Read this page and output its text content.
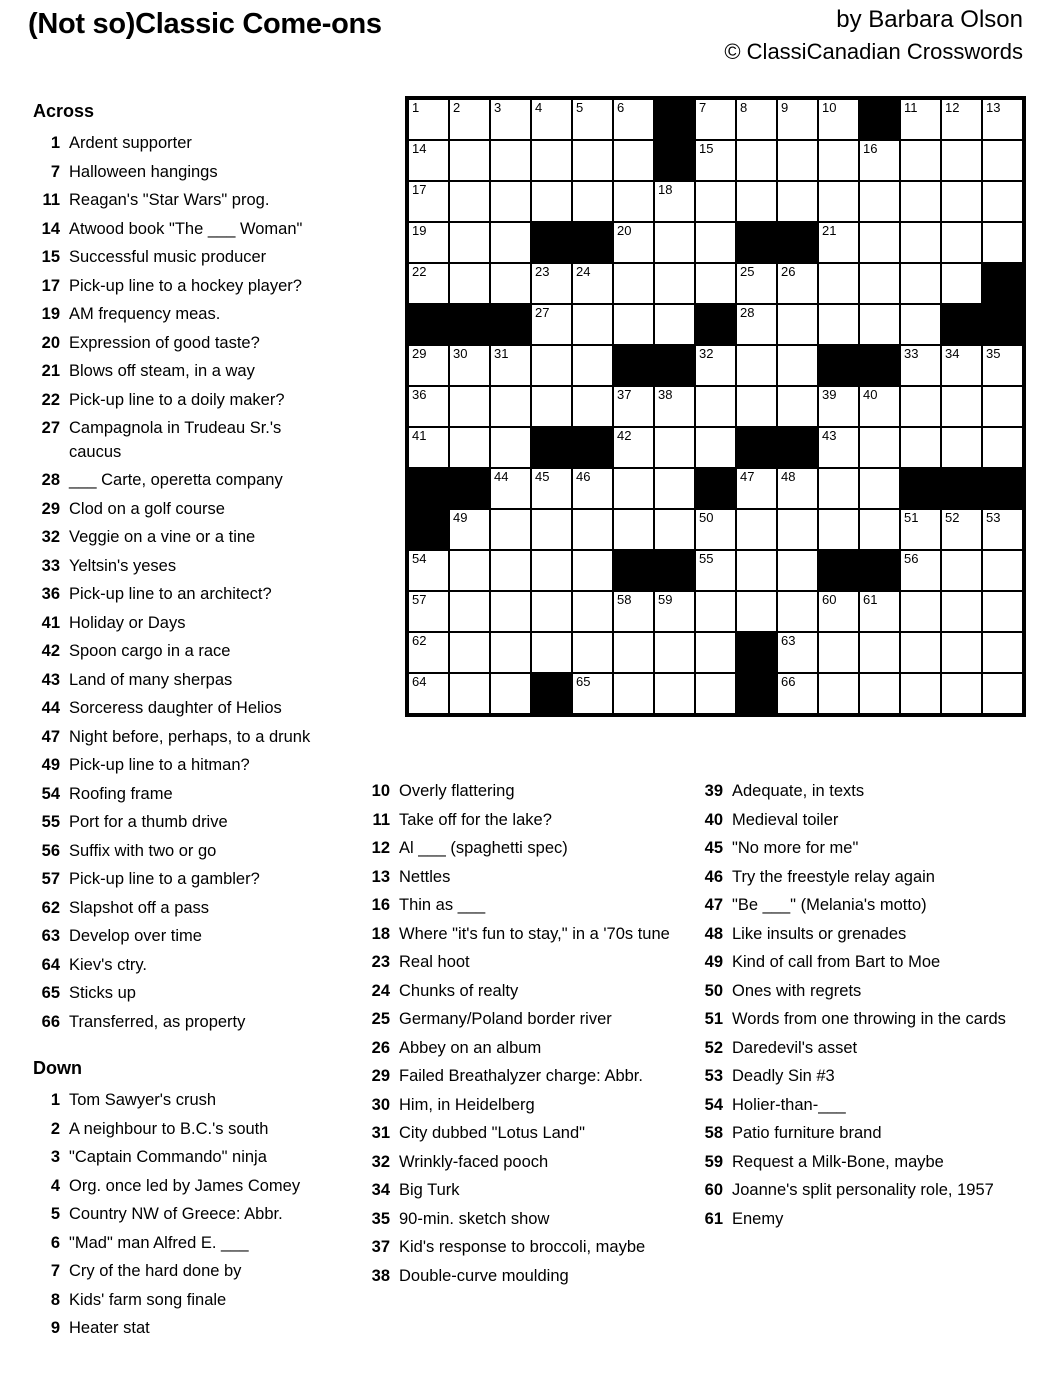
(Not so)Classic Come-ons	by Barbara Olson
© ClassiCanadian Crosswords
1	2	3	4	5	6	7	8	9	10	11 12 13
14	15	16
17	18
19	20	21
22	23 24	25 26
27	28
29 30 31	32	33 34 35
36	37 38	39 40
41	42	43
44 45 46	47 48
49	50	51 52 53
54	55	56
57	58 59	60 61
62	63
64	65	66
Across
1 Ardent supporter
7 Halloween hangings
11 Reagan's "Star Wars" prog.
14 Atwood book "The ___ Woman"
15 Successful music producer
17 Pick-up line to a hockey player?
19 AM frequency meas.
20 Expression of good taste?
21 Blows off steam, in a way
22 Pick-up line to a doily maker?
27 Campagnola in Trudeau Sr.'s caucus
28 ___ Carte, operetta company
29 Clod on a golf course
32 Veggie on a vine or a tine
33 Yeltsin's yeses
36 Pick-up line to an architect?
41 Holiday or Days
42 Spoon cargo in a race
43 Land of many sherpas
44 Sorceress daughter of Helios
47 Night before, perhaps, to a drunk
49 Pick-up line to a hitman?
54 Roofing frame
55 Port for a thumb drive
56 Suffix with two or go
57 Pick-up line to a gambler?
62 Slapshot off a pass
63 Develop over time
64 Kiev's ctry.
65 Sticks up
66 Transferred, as property
Down
1 Tom Sawyer's crush
2 A neighbour to B.C.'s south
3 "Captain Commando" ninja
4 Org. once led by James Comey
5 Country NW of Greece: Abbr.
6 "Mad" man Alfred E. ___
7 Cry of the hard done by
8 Kids' farm song finale
9 Heater stat
10 Overly flattering
11 Take off for the lake?
12 Al ___ (spaghetti spec)
13 Nettles
16 Thin as ___
18 Where "it's fun to stay," in a '70s tune
23 Real hoot
24 Chunks of realty
25 Germany/Poland border river
26 Abbey on an album
29 Failed Breathalyzer charge: Abbr.
30 Him, in Heidelberg
31 City dubbed "Lotus Land"
32 Wrinkly-faced pooch
34 Big Turk
35 90-min. sketch show
37 Kid's response to broccoli, maybe
38 Double-curve moulding
39 Adequate, in texts
40 Medieval toiler
45 "No more for me"
46 Try the freestyle relay again
47 "Be ___" (Melania's motto)
48 Like insults or grenades
49 Kind of call from Bart to Moe
50 Ones with regrets
51 Words from one throwing in the cards
52 Daredevil's asset
53 Deadly Sin #3
54 Holier-than-___
58 Patio furniture brand
59 Request a Milk-Bone, maybe
60 Joanne's split personality role, 1957
61 Enemy
